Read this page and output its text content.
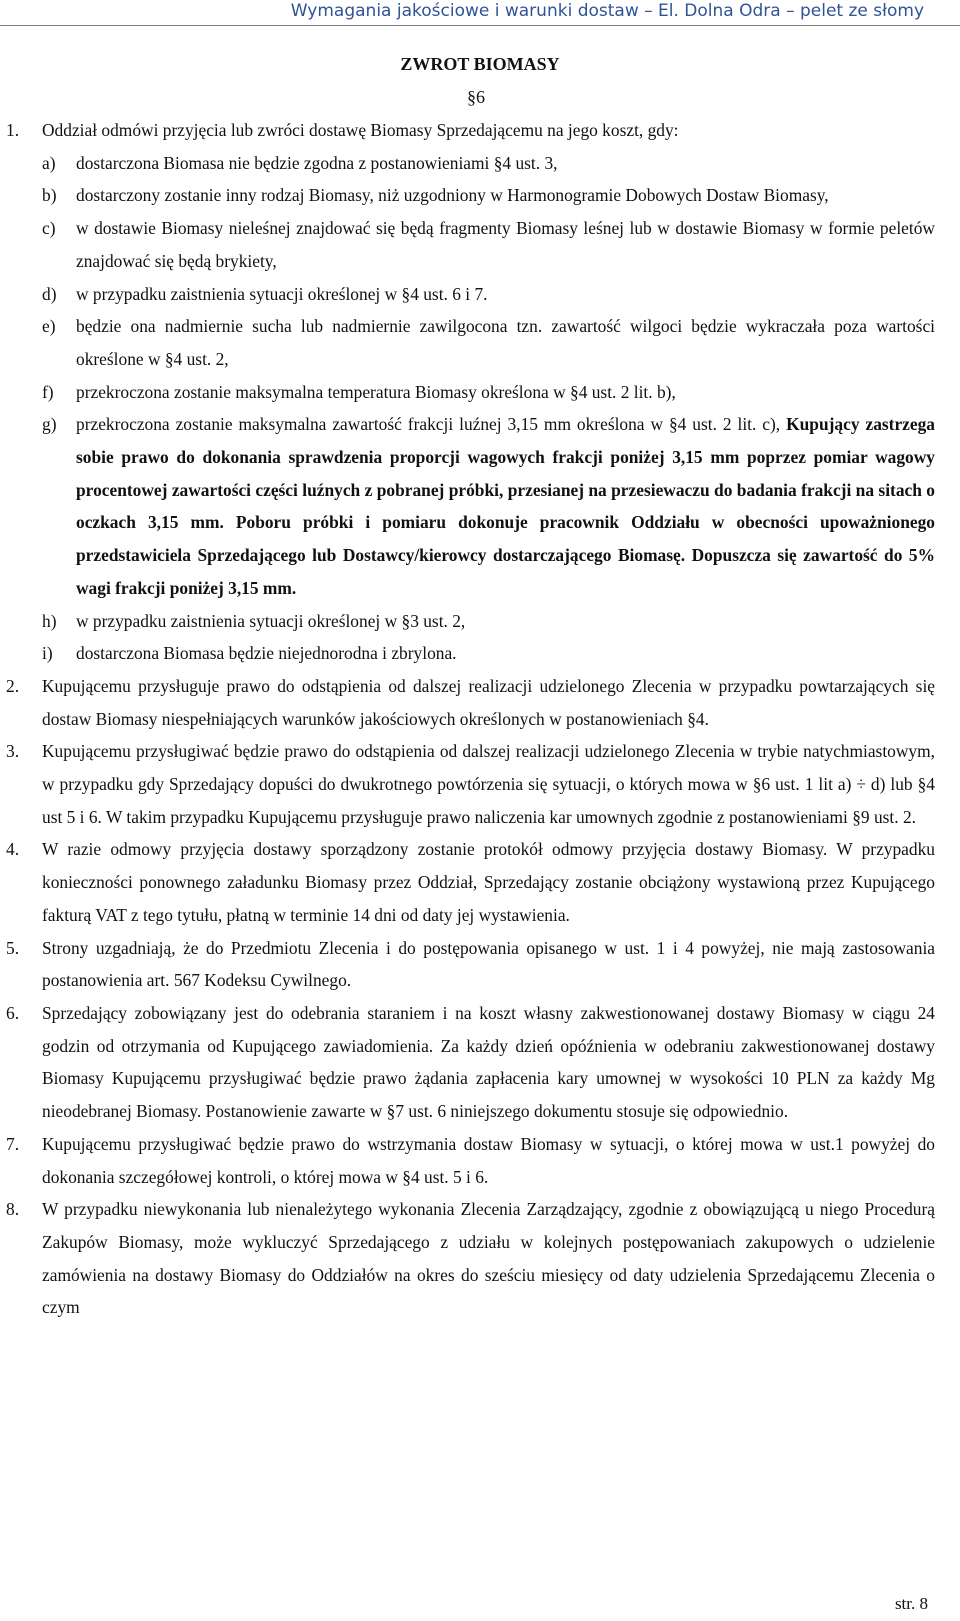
Wymagania jakościowe i warunki dostaw – El. Dolna Odra – pelet ze słomy
ZWROT BIOMASY
§6
1.	Oddział odmówi przyjęcia lub zwróci dostawę Biomasy Sprzedającemu na jego koszt, gdy:
a)	dostarczona Biomasa nie będzie zgodna z postanowieniami §4 ust. 3,
b)	dostarczony zostanie inny rodzaj Biomasy, niż uzgodniony w Harmonogramie Dobowych Dostaw Biomasy,
c)	w dostawie Biomasy nieleśnej znajdować się będą fragmenty Biomasy leśnej lub w dostawie Biomasy w formie peletów znajdować się będą brykiety,
d)	w przypadku zaistnienia sytuacji określonej w §4 ust. 6 i 7.
e)	będzie ona nadmiernie sucha lub nadmiernie zawilgocona tzn. zawartość wilgoci będzie wykraczała poza wartości określone w §4 ust. 2,
f)	przekroczona zostanie maksymalna temperatura Biomasy określona w §4 ust. 2 lit. b),
g)	przekroczona zostanie maksymalna zawartość frakcji luźnej 3,15 mm określona w §4 ust. 2 lit. c), Kupujący zastrzega sobie prawo do dokonania sprawdzenia proporcji wagowych frakcji poniżej 3,15 mm poprzez pomiar wagowy procentowej zawartości części luźnych z pobranej próbki, przesianej na przesiewaczu do badania frakcji na sitach o oczkach 3,15 mm. Poboru próbki i pomiaru dokonuje pracownik Oddziału w obecności upoważnionego przedstawiciela Sprzedającego lub Dostawcy/kierowcy dostarczającego Biomasę. Dopuszcza się zawartość do 5% wagi frakcji poniżej 3,15 mm.
h)	w przypadku zaistnienia sytuacji określonej w §3 ust. 2,
i)	dostarczona Biomasa będzie niejednorodna i zbrylona.
2.	Kupującemu przysługuje prawo do odstąpienia od dalszej realizacji udzielonego Zlecenia w przypadku powtarzających się dostaw Biomasy niespełniających warunków jakościowych określonych w postanowieniach §4.
3.	Kupującemu przysługiwać będzie prawo do odstąpienia od dalszej realizacji udzielonego Zlecenia w trybie natychmiastowym, w przypadku gdy Sprzedający dopuści do dwukrotnego powtórzenia się sytuacji, o których mowa w §6 ust. 1 lit a) ÷ d) lub §4 ust 5 i 6. W takim przypadku Kupującemu przysługuje prawo naliczenia kar umownych zgodnie z postanowieniami §9 ust. 2.
4.	W razie odmowy przyjęcia dostawy sporządzony zostanie protokół odmowy przyjęcia dostawy Biomasy. W przypadku konieczności ponownego załadunku Biomasy przez Oddział, Sprzedający zostanie obciążony wystawioną przez Kupującego fakturą VAT z tego tytułu, płatną w terminie 14 dni od daty jej wystawienia.
5.	Strony uzgadniają, że do Przedmiotu Zlecenia i do postępowania opisanego w ust. 1 i 4 powyżej, nie mają zastosowania postanowienia art. 567 Kodeksu Cywilnego.
6.	Sprzedający zobowiązany jest do odebrania staraniem i na koszt własny zakwestionowanej dostawy Biomasy w ciągu 24 godzin od otrzymania od Kupującego zawiadomienia. Za każdy dzień opóźnienia w odebraniu zakwestionowanej dostawy Biomasy Kupującemu przysługiwać będzie prawo żądania zapłacenia kary umownej w wysokości 10 PLN za każdy Mg nieodebranej Biomasy. Postanowienie zawarte w §7 ust. 6 niniejszego dokumentu stosuje się odpowiednio.
7.	Kupującemu przysługiwać będzie prawo do wstrzymania dostaw Biomasy w sytuacji, o której mowa w ust.1 powyżej do dokonania szczegółowej kontroli, o której mowa w §4 ust. 5 i 6.
8.	W przypadku niewykonania lub nienależytego wykonania Zlecenia Zarządzający, zgodnie z obowiązującą u niego Procedurą Zakupów Biomasy, może wykluczyć Sprzedającego z udziału w kolejnych postępowaniach zakupowych o udzielenie zamówienia na dostawy Biomasy do Oddziałów na okres do sześciu miesięcy od daty udzielenia Sprzedającemu Zlecenia o czym
str. 8
